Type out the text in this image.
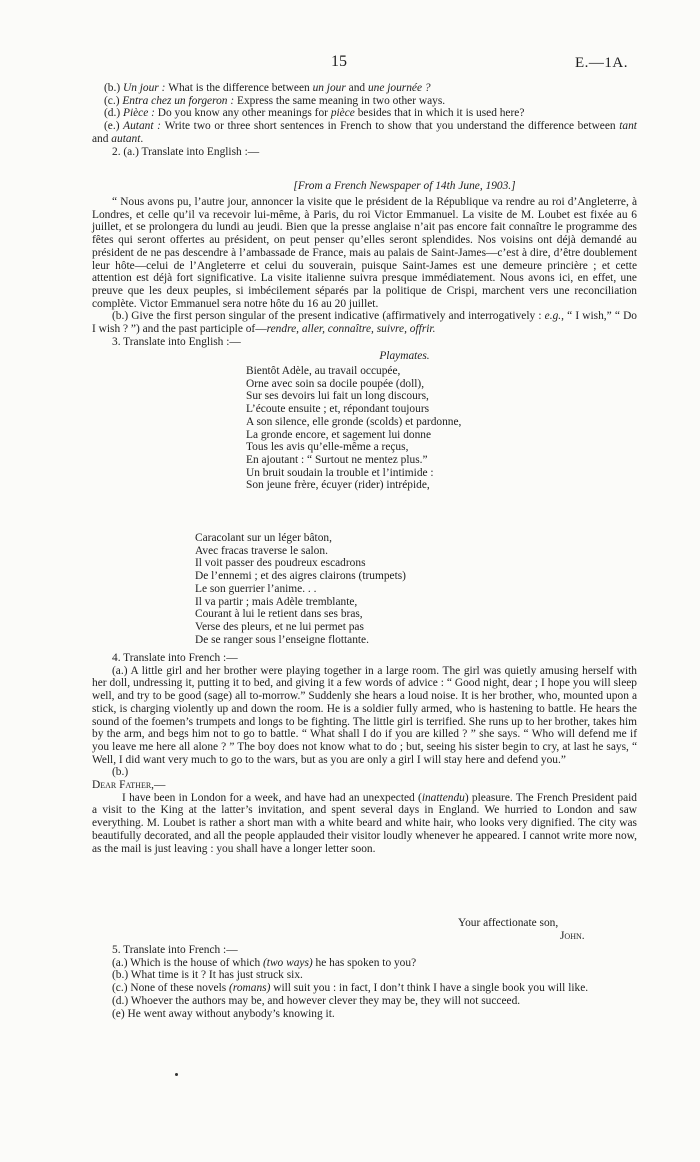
15	E.—1A.

(b.) Un jour : What is the difference between un jour and une journée ?

(c.) Entra chez un forgeron : Express the same meaning in two other ways.

(d.) Pièce : Do you know any other meanings for pièce besides that in which it is used here?

(e.) Autant : Write two or three short sentences in French to show that you understand the difference between tant and autant.

2. (a.) Translate into English :—

[From a French Newspaper of 14th June, 1903.]

“ Nous avons pu, l’autre jour, annoncer la visite que le président de la République va rendre au roi d’Angleterre, à Londres, et celle qu’il va recevoir lui-même, à Paris, du roi Victor Emmanuel. La visite de M. Loubet est fixée au 6 juillet, et se prolongera du lundi au jeudi. Bien que la presse anglaise n’ait pas encore fait connaître le programme des fêtes qui seront offertes au président, on peut penser qu’elles seront splendides. Nos voisins ont déjà demandé au président de ne pas descendre à l’ambassade de France, mais au palais de Saint-James—c’est à dire, d’être doublement leur hôte—celui de l’Angleterre et celui du souverain, puisque Saint-James est une demeure princière ; et cette attention est déjà fort significative. La visite italienne suivra presque immédiatement. Nous avons ici, en effet, une preuve que les deux peuples, si imbécilement séparés par la politique de Crispi, marchent vers une reconciliation complète. Victor Emmanuel sera notre hôte du 16 au 20 juillet.

(b.) Give the first person singular of the present indicative (affirmatively and interrogatively : e.g., “ I wish,” “ Do I wish ? ”) and the past participle of—rendre, aller, connaître, suivre, offrir.

3. Translate into English :—

Playmates.

Bientôt Adèle, au travail occupée,

Orne avec soin sa docile poupée (doll),

Sur ses devoirs lui fait un long discours,

L’écoute ensuite ; et, répondant toujours

A son silence, elle gronde (scolds) et pardonne,

La gronde encore, et sagement lui donne

Tous les avis qu’elle-même a reçus,

En ajoutant : “ Surtout ne mentez plus.”

Un bruit soudain la trouble et l’intimide :

Son jeune frère, écuyer (rider) intrépide,

Caracolant sur un léger bâton,

Avec fracas traverse le salon.

Il voit passer des poudreux escadrons

De l’ennemi ; et des aigres clairons (trumpets)

Le son guerrier l’anime. . .

Il va partir ; mais Adèle tremblante,

Courant à lui le retient dans ses bras,

Verse des pleurs, et ne lui permet pas

De se ranger sous l’enseigne flottante.

4. Translate into French :—

(a.) A little girl and her brother were playing together in a large room. The girl was quietly amusing herself with her doll, undressing it, putting it to bed, and giving it a few words of advice : “ Good night, dear ; I hope you will sleep well, and try to be good (sage) all to-morrow.” Suddenly she hears a loud noise. It is her brother, who, mounted upon a stick, is charging violently up and down the room. He is a soldier fully armed, who is hastening to battle. He hears the sound of the foemen’s trumpets and longs to be fighting. The little girl is terrified. She runs up to her brother, takes him by the arm, and begs him not to go to battle. “ What shall I do if you are killed ? ” she says. “ Who will defend me if you leave me here all alone ? ” The boy does not know what to do ; but, seeing his sister begin to cry, at last he says, “ Well, I did want very much to go to the wars, but as you are only a girl I will stay here and defend you.”

(b.)

Dear Father,—

I have been in London for a week, and have had an unexpected (inattendu) pleasure. The French President paid a visit to the King at the latter’s invitation, and spent several days in England. We hurried to London and saw everything. M. Loubet is rather a short man with a white beard and white hair, who looks very dignified. The city was beautifully decorated, and all the people applauded their visitor loudly whenever he appeared. I cannot write more now, as the mail is just leaving : you shall have a longer letter soon.

Your affectionate son,
John.

5. Translate into French :—

(a.) Which is the house of which (two ways) he has spoken to you?

(b.) What time is it ? It has just struck six.

(c.) None of these novels (romans) will suit you : in fact, I don’t think I have a single book you will like.

(d.) Whoever the authors may be, and however clever they may be, they will not succeed.

(e) He went away without anybody’s knowing it.
